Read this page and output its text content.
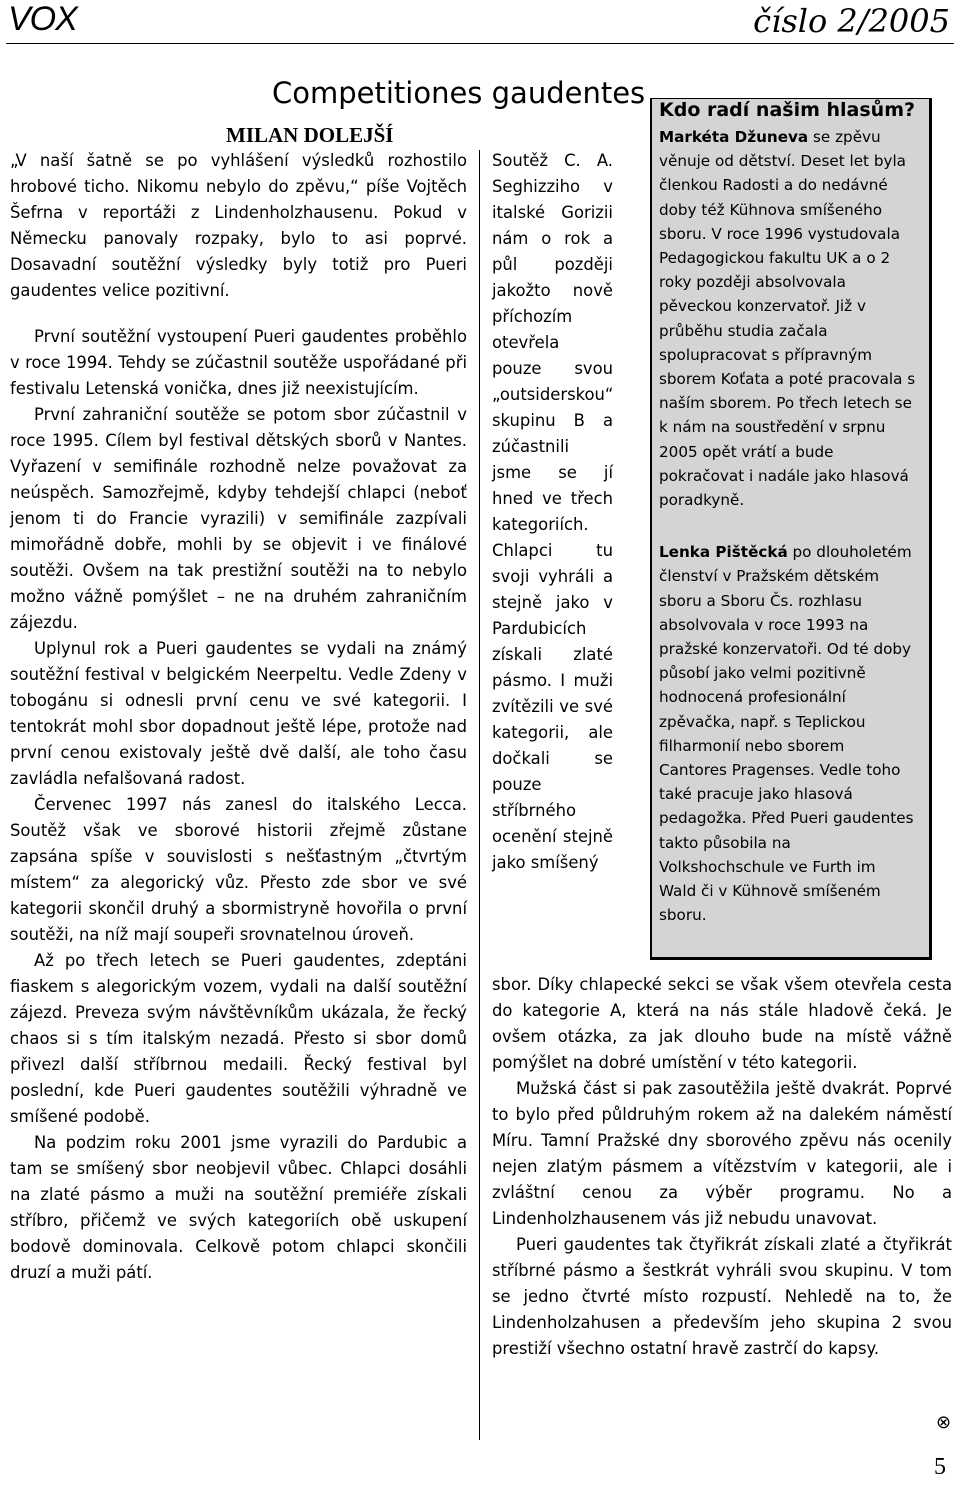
VOX	číslo 2/2005
Competitiones gaudentes
MILAN DOLEJŠÍ

„V naší šatně se po vyhlášení výsledků rozhostilo hrobové ticho. Nikomu nebylo do zpěvu,“ píše Vojtěch Šefrna v reportáži z Lindenholzhausenu. Pokud v Německu panovaly rozpaky, bylo to asi poprvé. Dosavadní soutěžní výsledky byly totiž pro Pueri gaudentes velice pozitivní.

První soutěžní vystoupení Pueri gaudentes proběhlo v roce 1994. Tehdy se zúčastnil soutěže uspořádané při festivalu Letenská vonička, dnes již neexistujícím.

První zahraniční soutěže se potom sbor zúčastnil v roce 1995. Cílem byl festival dětských sborů v Nantes. Vyřazení v semifinále rozhodně nelze považovat za neúspěch. Samozřejmě, kdyby tehdejší chlapci (neboť jenom ti do Francie vyrazili) v semifinále zazpívali mimořádně dobře, mohli by se objevit i ve finálové soutěži. Ovšem na tak prestižní soutěži na to nebylo možno vážně pomýšlet – ne na druhém zahraničním zájezdu.

Uplynul rok a Pueri gaudentes se vydali na známý soutěžní festival v belgickém Neerpeltu. Vedle Zdeny v tobogánu si odnesli první cenu ve své kategorii. I tentokrát mohl sbor dopadnout ještě lépe, protože nad první cenou existovaly ještě dvě další, ale toho času zavládla nefalšovaná radost.

Červenec 1997 nás zanesl do italského Lecca. Soutěž však ve sborové historii zřejmě zůstane zapsána spíše v souvislosti s nešťastným „čtvrtým místem“ za alegorický vůz. Přesto zde sbor ve své kategorii skončil druhý a sbormistryně hovořila o první soutěži, na níž mají soupeři srovnatelnou úroveň.

Až po třech letech se Pueri gaudentes, zdeptáni fiaskem s alegorickým vozem, vydali na další soutěžní zájezd. Preveza svým návštěvníkům ukázala, že řecký chaos si s tím italským nezadá. Přesto si sbor domů přivezl další stříbrnou medaili. Řecký festival byl poslední, kde Pueri gaudentes soutěžili výhradně ve smíšené podobě.

Na podzim roku 2001 jsme vyrazili do Pardubic a tam se smíšený sbor neobjevil vůbec. Chlapci dosáhli na zlaté pásmo a muži na soutěžní premiéře získali stříbro, přičemž ve svých kategoriích obě uskupení bodově dominovala. Celkově potom chlapci skončili druzí a muži pátí.

Soutěž C. A. Seghizziho v italské Gorizii nám o rok a půl později jakožto nově příchozím otevřela pouze svou „outsiderskou“ skupinu B a zúčastnili jsme se jí hned ve třech kategoriích. Chlapci tu svoji vyhráli a stejně jako v Pardubicích získali zlaté pásmo. I muži zvítězili ve své kategorii, ale dočkali se pouze stříbrného ocenění stejně jako smíšený

Kdo radí našim hlasům?

Markéta Džuneva se zpěvu věnuje od dětství. Deset let byla členkou Radosti a do nedávné doby též Kühnova smíšeného sboru. V roce 1996 vystudovala Pedagogickou fakultu UK a o 2 roky později absolvovala pěveckou konzervatoř. Již v průběhu studia začala spolupracovat s přípravným sborem Koťata a poté pracovala s naším sborem. Po třech letech se k nám na soustředění v srpnu 2005 opět vrátí a bude pokračovat i nadále jako hlasová poradkyně.

Lenka Pištěcká po dlouholetém členství v Pražském dětském sboru a Sboru Čs. rozhlasu absolvovala v roce 1993 na pražské konzervatoři. Od té doby působí jako velmi pozitivně hodnocená profesionální zpěvačka, např. s Teplickou filharmonií nebo sborem Cantores Pragenses. Vedle toho také pracuje jako hlasová pedagožka. Před Pueri gaudentes takto působila na Volkshochschule ve Furth im Wald či v Kühnově smíšeném sboru.

sbor. Díky chlapecké sekci se však všem otevřela cesta do kategorie A, která na nás stále hladově čeká. Je ovšem otázka, za jak dlouho bude na místě vážně pomýšlet na dobré umístění v této kategorii.

Mužská část si pak zasoutěžila ještě dvakrát. Poprvé to bylo před půldruhým rokem až na dalekém náměstí Míru. Tamní Pražské dny sborového zpěvu nás ocenily nejen zlatým pásmem a vítězstvím v kategorii, ale i zvláštní cenou za výběr programu. No a Lindenholzhausenem vás již nebudu unavovat.

Pueri gaudentes tak čtyřikrát získali zlaté a čtyřikrát stříbrné pásmo a šestkrát vyhráli svou skupinu. V tom se jedno čtvrté místo rozpustí. Nehledě na to, že Lindenholzahusen a především jeho skupina 2 svou prestiží všechno ostatní hravě zastrčí do kapsy.

⊗
5
